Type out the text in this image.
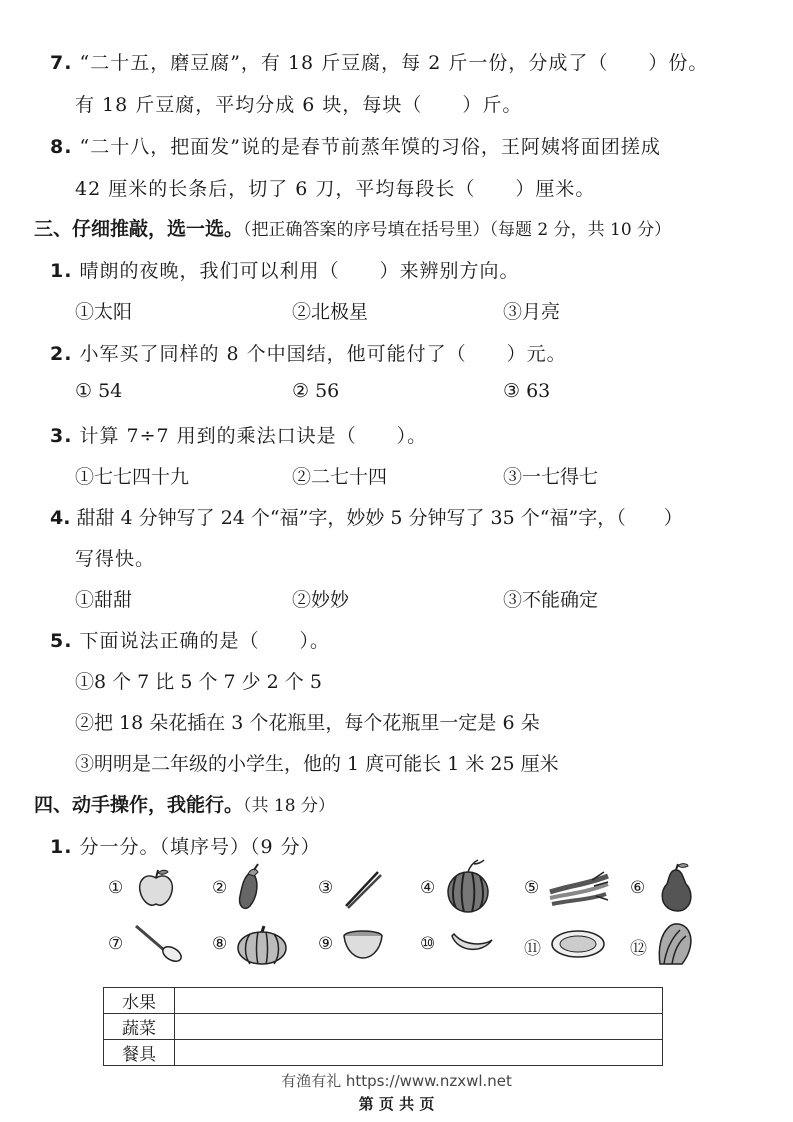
7. “二十五，磨豆腐”，有 18 斤豆腐，每 2 斤一份，分成了（　　）份。
有 18 斤豆腐，平均分成 6 块，每块（　　）斤。
8. “二十八，把面发”说的是春节前蒸年馍的习俗，王阿姨将面团搓成
42 厘米的长条后，切了 6 刀，平均每段长（　　）厘米。
三、仔细推敲，选一选。（把正确答案的序号填在括号里）（每题 2 分，共 10 分）
1. 晴朗的夜晚，我们可以利用（　　）来辨别方向。
①太阳	②北极星	③月亮
2. 小军买了同样的 8 个中国结，他可能付了（　　）元。
① 54	② 56	③ 63
3. 计算 7÷7 用到的乘法口诀是（　　）。
①七七四十九	②二七十四	③一七得七
4. 甜甜 4 分钟写了 24 个“福”字，妙妙 5 分钟写了 35 个“福”字，（　　）
写得快。
①甜甜	②妙妙	③不能确定
5. 下面说法正确的是（　　）。
①8 个 7 比 5 个 7 少 2 个 5
②把 18 朵花插在 3 个花瓶里，每个花瓶里一定是 6 朵
③明明是二年级的小学生，他的 1 庹可能长 1 米 25 厘米
四、动手操作，我能行。（共 18 分）
1. 分一分。（填序号）（9 分）
①	②	③	④	⑤	⑥
⑦	⑧	⑨	⑩	⑪	⑫
水果	
蔬菜	
餐具	
有渔有礼 https://www.nzxwl.net
第 页 共 页
